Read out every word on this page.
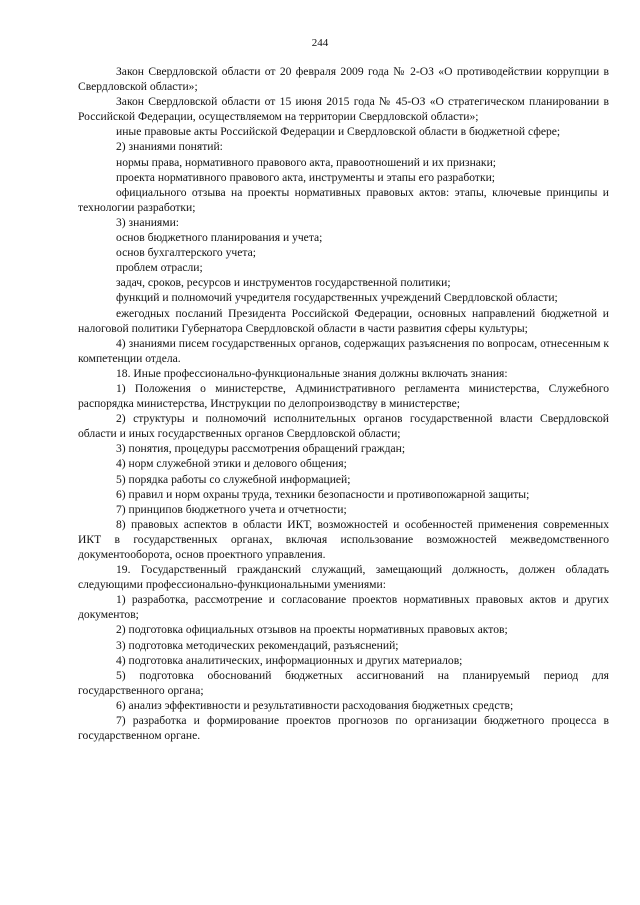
244

Закон Свердловской области от 20 февраля 2009 года № 2-ОЗ «О противодействии коррупции в Свердловской области»;

Закон Свердловской области от 15 июня 2015 года № 45-ОЗ «О стратегическом планировании в Российской Федерации, осуществляемом на территории Свердловской области»;

иные правовые акты Российской Федерации и Свердловской области в бюджетной сфере;

2) знаниями понятий:

нормы права, нормативного правового акта, правоотношений и их признаки;

проекта нормативного правового акта, инструменты и этапы его разработки;

официального отзыва на проекты нормативных правовых актов: этапы, ключевые принципы и технологии разработки;

3) знаниями:

основ бюджетного планирования и учета;

основ бухгалтерского учета;

проблем отрасли;

задач, сроков, ресурсов и инструментов государственной политики;

функций и полномочий учредителя государственных учреждений Свердловской области;

ежегодных посланий Президента Российской Федерации, основных направлений бюджетной и налоговой политики Губернатора Свердловской области в части развития сферы культуры;

4) знаниями писем государственных органов, содержащих разъяснения по вопросам, отнесенным к компетенции отдела.

18. Иные профессионально-функциональные знания должны включать знания:

1) Положения о министерстве, Административного регламента министерства, Служебного распорядка министерства, Инструкции по делопроизводству в министерстве;

2) структуры и полномочий исполнительных органов государственной власти Свердловской области и иных государственных органов Свердловской области;

3) понятия, процедуры рассмотрения обращений граждан;

4) норм служебной этики и делового общения;

5) порядка работы со служебной информацией;

6) правил и норм охраны труда, техники безопасности и противопожарной защиты;

7) принципов бюджетного учета и отчетности;

8) правовых аспектов в области ИКТ, возможностей и особенностей применения современных ИКТ в государственных органах, включая использование возможностей межведомственного документооборота, основ проектного управления.

19. Государственный гражданский служащий, замещающий должность, должен обладать следующими профессионально-функциональными умениями:

1) разработка, рассмотрение и согласование проектов нормативных правовых актов и других документов;

2) подготовка официальных отзывов на проекты нормативных правовых актов;

3) подготовка методических рекомендаций, разъяснений;

4) подготовка аналитических, информационных и других материалов;

5) подготовка обоснований бюджетных ассигнований на планируемый период для государственного органа;

6) анализ эффективности и результативности расходования бюджетных средств;

7) разработка и формирование проектов прогнозов по организации бюджетного процесса в государственном органе.
